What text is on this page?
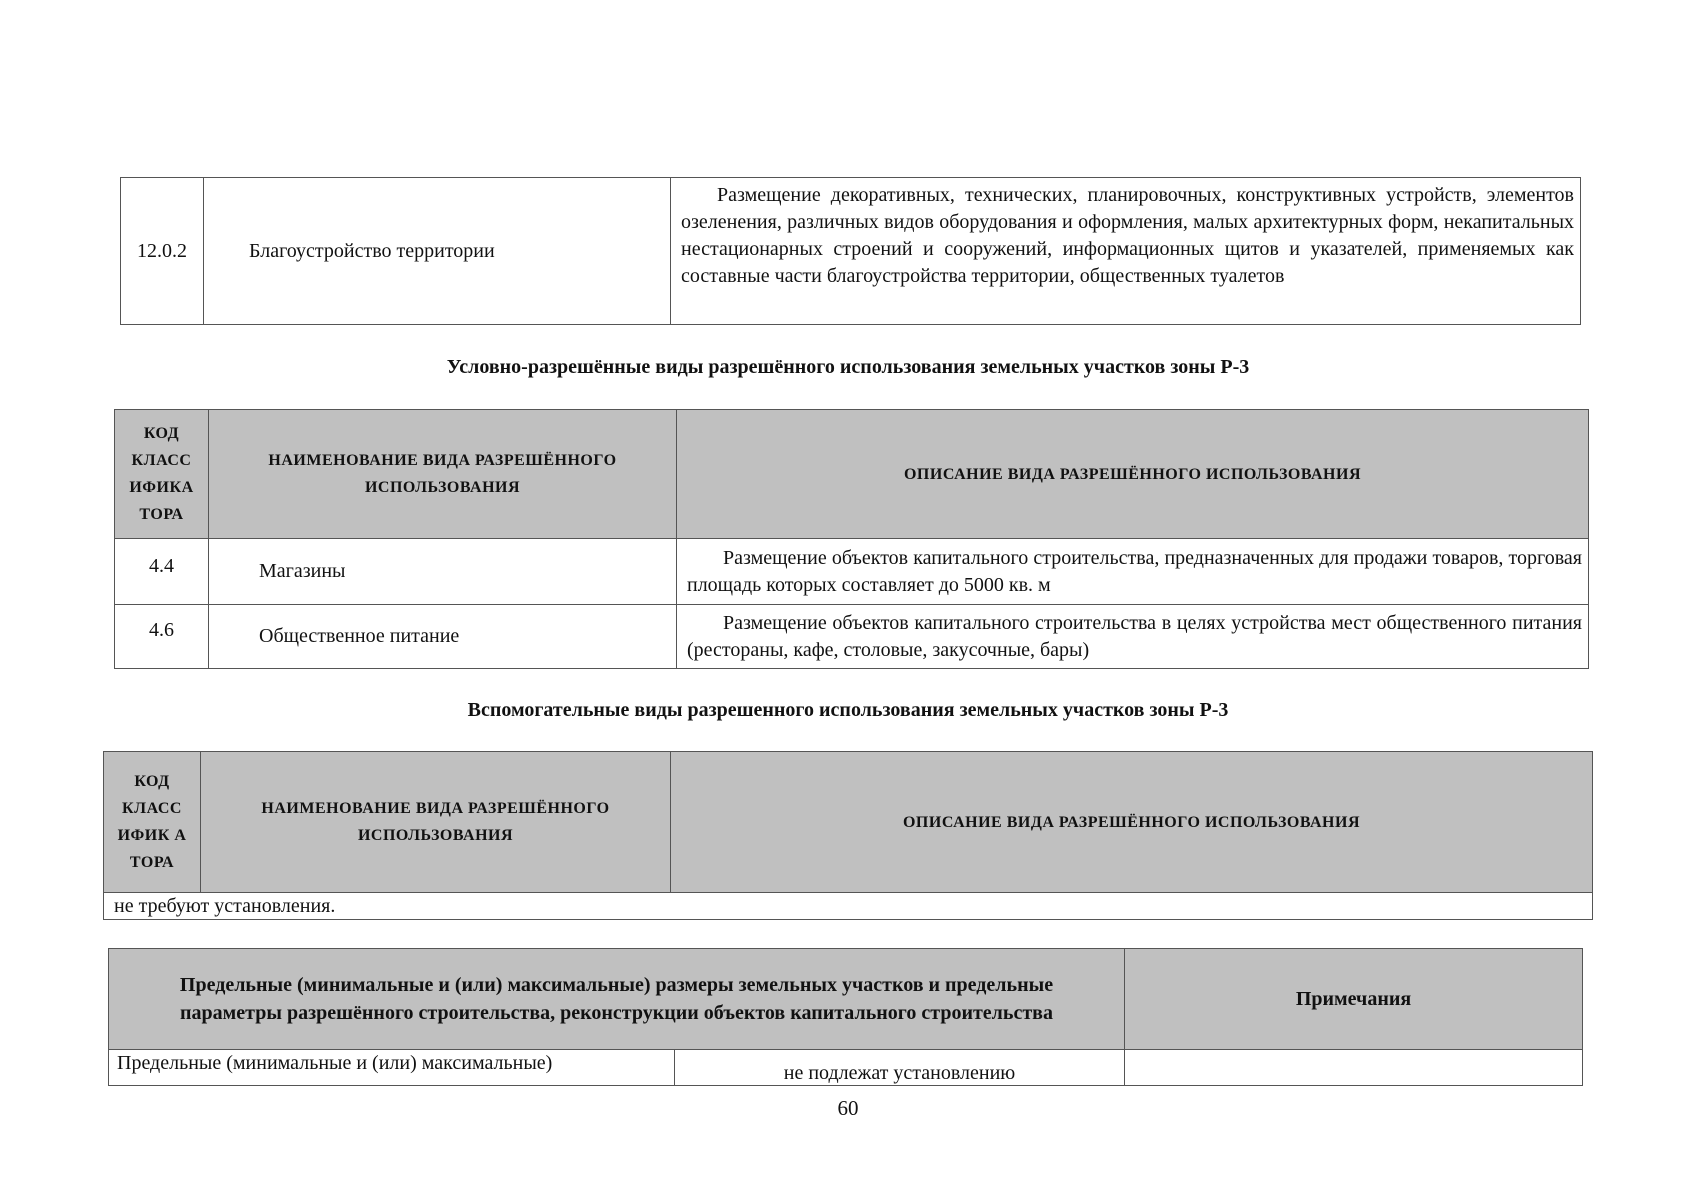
12.0.2	Благоустройство территории	Размещение декоративных, технических, планировочных, конструктивных устройств, элементов озеленения, различных видов оборудования и оформления, малых архитектурных форм, некапитальных нестационарных строений и сооружений, информационных щитов и указателей, применяемых как составные части благоустройства территории, общественных туалетов
Условно-разрешённые виды разрешённого использования земельных участков зоны Р-3
КОД КЛАСС ИФИКА ТОРА	НАИМЕНОВАНИЕ ВИДА РАЗРЕШЁННОГО ИСПОЛЬЗОВАНИЯ	ОПИСАНИЕ ВИДА РАЗРЕШЁННОГО ИСПОЛЬЗОВАНИЯ
4.4	Магазины	Размещение объектов капитального строительства, предназначенных для продажи товаров, торговая площадь которых составляет до 5000 кв. м
4.6	Общественное питание	Размещение объектов капитального строительства в целях устройства мест общественного питания (рестораны, кафе, столовые, закусочные, бары)
Вспомогательные виды разрешенного использования земельных участков зоны Р-3
КОД КЛАСС ИФИК А ТОРА	НАИМЕНОВАНИЕ ВИДА РАЗРЕШЁННОГО ИСПОЛЬЗОВАНИЯ	ОПИСАНИЕ ВИДА РАЗРЕШЁННОГО ИСПОЛЬЗОВАНИЯ
не требуют установления.
Предельные (минимальные и (или) максимальные) размеры земельных участков и предельные параметры разрешённого строительства, реконструкции объектов капитального строительства		Примечания
Предельные (минимальные и (или) максимальные)	не подлежат установлению	
60
